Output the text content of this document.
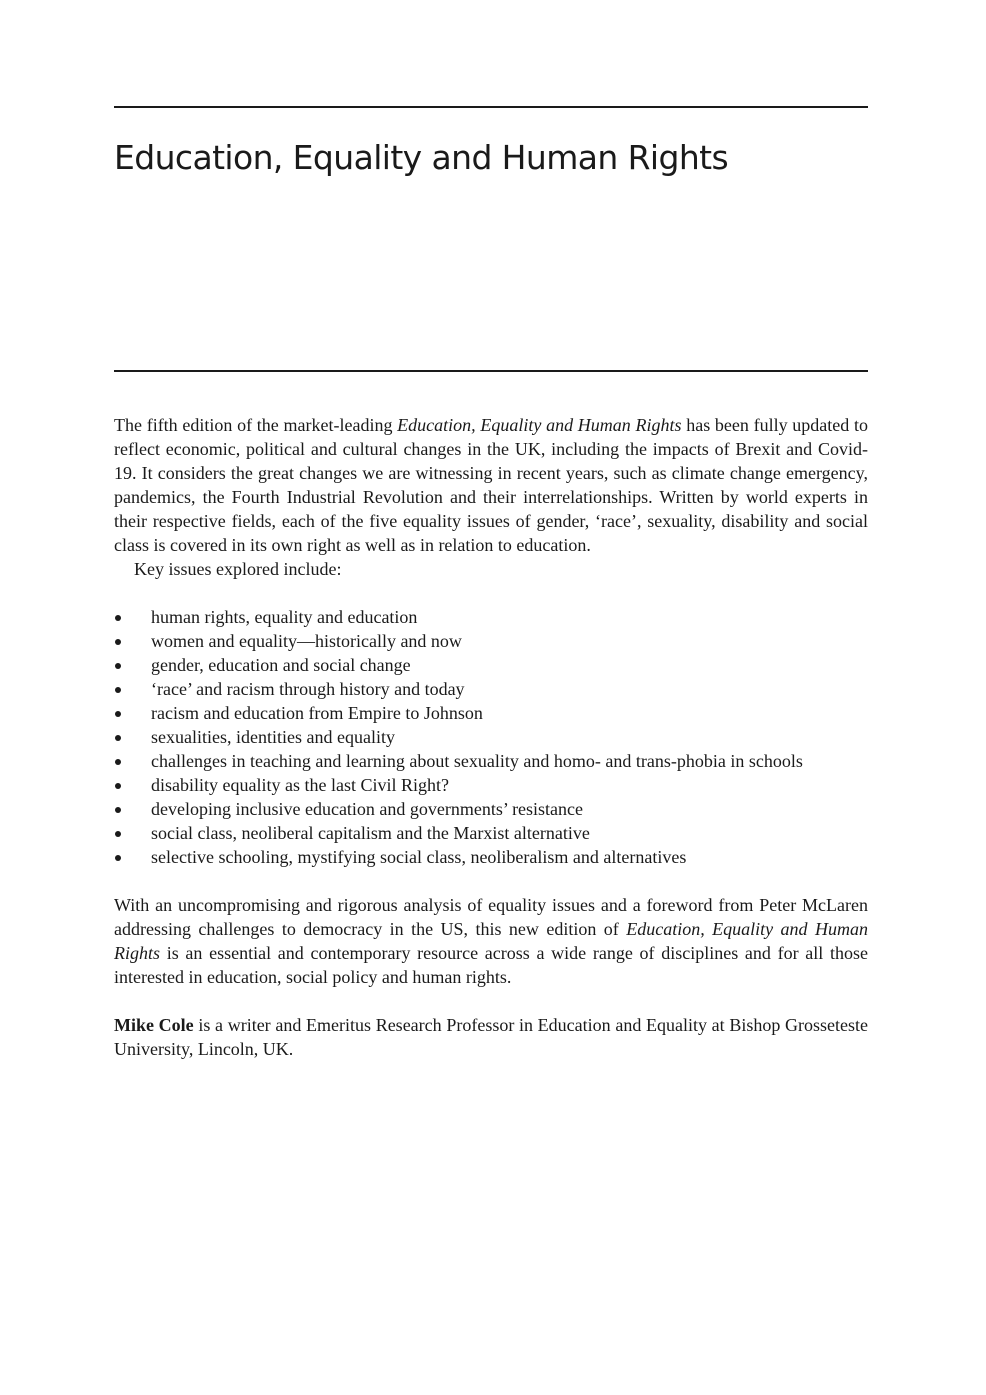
Education, Equality and Human Rights

The fifth edition of the market-leading Education, Equality and Human Rights has been fully updated to reflect economic, political and cultural changes in the UK, including the impacts of Brexit and Covid-19. It considers the great changes we are witnessing in recent years, such as climate change emergency, pandemics, the Fourth Industrial Revolution and their interrelationships. Written by world experts in their respective fields, each of the five equality issues of gender, ‘race’, sexuality, disability and social class is covered in its own right as well as in relation to education.

Key issues explored include:

human rights, equality and education
women and equality—historically and now
gender, education and social change
‘race’ and racism through history and today
racism and education from Empire to Johnson
sexualities, identities and equality
challenges in teaching and learning about sexuality and homo- and trans-phobia in schools
disability equality as the last Civil Right?
developing inclusive education and governments’ resistance
social class, neoliberal capitalism and the Marxist alternative
selective schooling, mystifying social class, neoliberalism and alternatives

With an uncompromising and rigorous analysis of equality issues and a foreword from Peter McLaren addressing challenges to democracy in the US, this new edition of Education, Equality and Human Rights is an essential and contemporary resource across a wide range of disciplines and for all those interested in education, social policy and human rights.

Mike Cole is a writer and Emeritus Research Professor in Education and Equality at Bishop Grosseteste University, Lincoln, UK.
